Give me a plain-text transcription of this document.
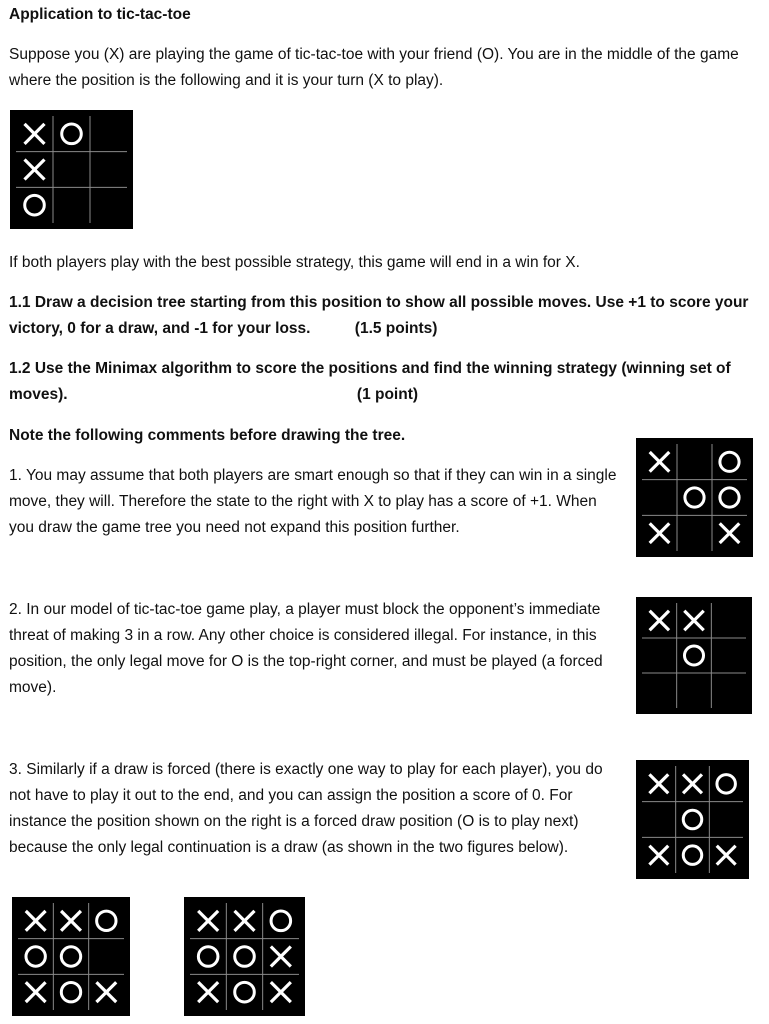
Application to tic-tac-toe

Suppose you (X) are playing the game of tic-tac-toe with your friend (O). You are in the middle of the game where the position is the following and it is your turn (X to play).

If both players play with the best possible strategy, this game will end in a win for X.

1.1 Draw a decision tree starting from this position to show all possible moves. Use +1 to score your victory, 0 for a draw, and -1 for your loss.	(1.5 points)

1.2 Use the Minimax algorithm to score the positions and find the winning strategy (winning set of moves).	(1 point)

Note the following comments before drawing the tree.

1. You may assume that both players are smart enough so that if they can win in a single move, they will. Therefore the state to the right with X to play has a score of +1. When you draw the game tree you need not expand this position further.

2. In our model of tic-tac-toe game play, a player must block the opponent’s immediate threat of making 3 in a row. Any other choice is considered illegal. For instance, in this position, the only legal move for O is the top-right corner, and must be played (a forced move).

3. Similarly if a draw is forced (there is exactly one way to play for each player), you do not have to play it out to the end, and you can assign the position a score of 0. For instance the position shown on the right is a forced draw position (O is to play next) because the only legal continuation is a draw (as shown in the two figures below).
